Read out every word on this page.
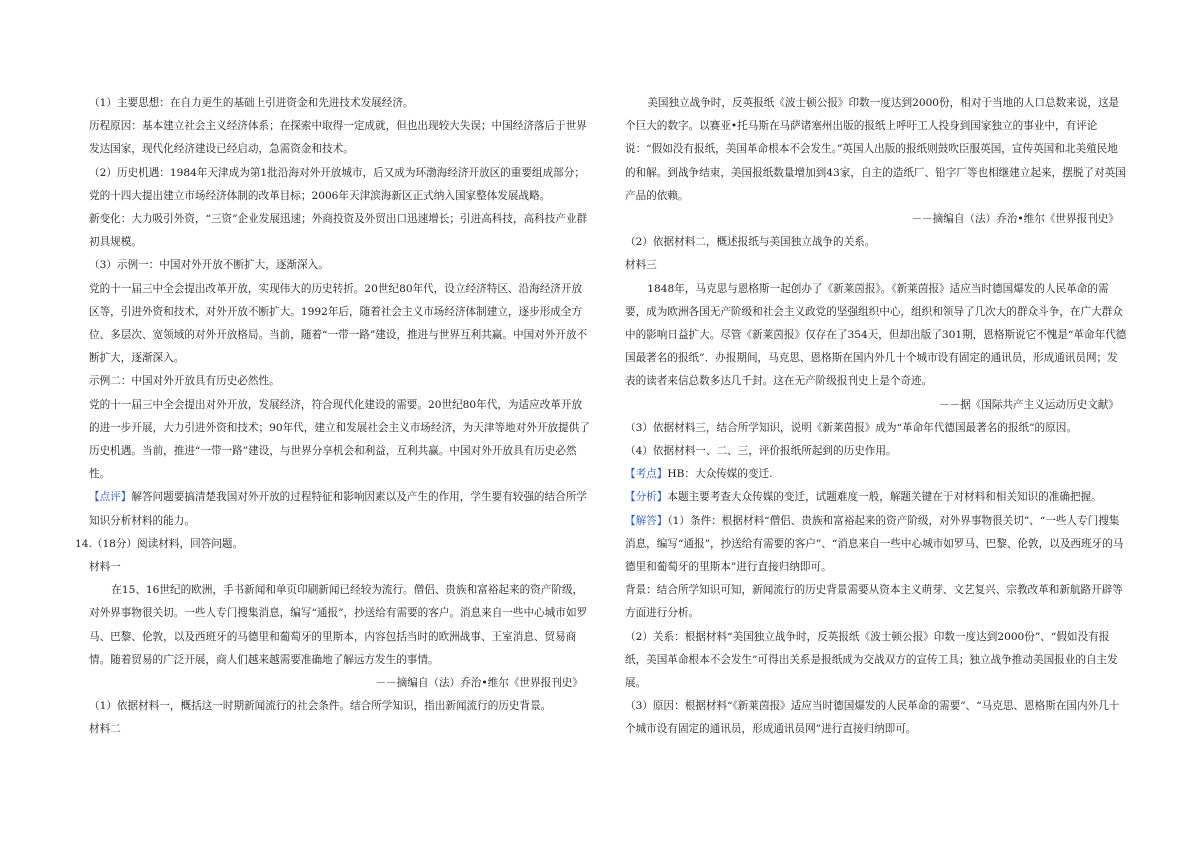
（1）主要思想：在自力更生的基础上引进资金和先进技术发展经济。

历程原因：基本建立社会主义经济体系；在探索中取得一定成就，但也出现较大失误；中国经济落后于世界发达国家，现代化经济建设已经启动，急需资金和技术。

（2）历史机遇：1984年天津成为第1批沿海对外开放城市，后又成为环渤海经济开放区的重要组成部分；党的十四大提出建立市场经济体制的改革目标；2006年天津滨海新区正式纳入国家整体发展战略。

新变化：大力吸引外资，“三资”企业发展迅速；外商投资及外贸出口迅速增长；引进高科技，高科技产业群初具规模。

（3）示例一：中国对外开放不断扩大，逐渐深入。

党的十一届三中全会提出改革开放，实现伟大的历史转折。20世纪80年代，设立经济特区、沿海经济开放区等，引进外资和技术，对外开放不断扩大。1992年后，随着社会主义市场经济体制建立，逐步形成全方位、多层次、宽领域的对外开放格局。当前，随着“一带一路”建设，推进与世界互利共赢。中国对外开放不断扩大，逐渐深入。

示例二：中国对外开放具有历史必然性。

党的十一届三中全会提出对外开放，发展经济，符合现代化建设的需要。20世纪80年代，为适应改革开放的进一步开展，大力引进外资和技术；90年代，建立和发展社会主义市场经济，为天津等地对外开放提供了历史机遇。当前，推进“一带一路”建设，与世界分享机会和利益，互利共赢。中国对外开放具有历史必然性。

【点评】解答问题要搞清楚我国对外开放的过程特征和影响因素以及产生的作用，学生要有较强的结合所学知识分析材料的能力。

14.（18分）阅读材料，回答问题。

材料一

在15、16世纪的欧洲，手书新闻和单页印刷新闻已经较为流行。僧侣、贵族和富裕起来的资产阶级，对外界事物很关切。一些人专门搜集消息，编写“通报”，抄送给有需要的客户。消息来自一些中心城市如罗马、巴黎、伦敦，以及西班牙的马德里和葡萄牙的里斯本，内容包括当时的欧洲战事、王室消息、贸易商情。随着贸易的广泛开展，商人们越来越需要准确地了解远方发生的事情。

－－摘编自（法）乔治•维尔《世界报刊史》

（1）依据材料一，概括这一时期新闻流行的社会条件。结合所学知识，指出新闻流行的历史背景。

材料二

美国独立战争时，反英报纸《波士顿公报》印数一度达到2000份，相对于当地的人口总数来说，这是个巨大的数字。以赛亚•托马斯在马萨诸塞州出版的报纸上呼吁工人投身到国家独立的事业中，有评论说：“假如没有报纸，美国革命根本不会发生。”英国人出版的报纸则鼓吹臣服英国，宣传英国和北美殖民地的和解。到战争结束，美国报纸数量增加到43家，自主的造纸厂、铅字厂等也相继建立起来，摆脱了对英国产品的依赖。

－－摘编自（法）乔治•维尔《世界报刊史》

（2）依据材料二，概述报纸与美国独立战争的关系。

材料三

1848年，马克思与恩格斯一起创办了《新莱茵报》。《新莱茵报》适应当时德国爆发的人民革命的需要，成为欧洲各国无产阶级和社会主义政党的坚强组织中心，组织和领导了几次大的群众斗争，在广大群众中的影响日益扩大。尽管《新莱茵报》仅存在了354天，但却出版了301期，恩格斯说它不愧是“革命年代德国最著名的报纸”．办报期间，马克思、恩格斯在国内外几十个城市设有固定的通讯员，形成通讯员网；发表的读者来信总数多达几千封。这在无产阶级报刊史上是个奇迹。

－－据《国际共产主义运动历史文献》

（3）依据材料三，结合所学知识，说明《新莱茵报》成为“革命年代德国最著名的报纸”的原因。

（4）依据材料一、二、三，评价报纸所起到的历史作用。

【考点】HB：大众传媒的变迁.

【分析】本题主要考查大众传媒的变迁，试题难度一般，解题关键在于对材料和相关知识的准确把握。

【解答】（1）条件：根据材料“僧侣、贵族和富裕起来的资产阶级，对外界事物很关切”、“一些人专门搜集消息，编写“通报”，抄送给有需要的客户”、“消息来自一些中心城市如罗马、巴黎、伦敦，以及西班牙的马德里和葡萄牙的里斯本”进行直接归纳即可。

背景：结合所学知识可知，新闻流行的历史背景需要从资本主义萌芽、文艺复兴、宗教改革和新航路开辟等方面进行分析。

（2）关系：根据材料“美国独立战争时，反英报纸《波士顿公报》印数一度达到2000份”、“假如没有报纸，美国革命根本不会发生”可得出关系是报纸成为交战双方的宣传工具；独立战争推动美国报业的自主发展。

（3）原因：根据材料“《新莱茵报》适应当时德国爆发的人民革命的需要”、“马克思、恩格斯在国内外几十个城市设有固定的通讯员，形成通讯员网”进行直接归纳即可。
